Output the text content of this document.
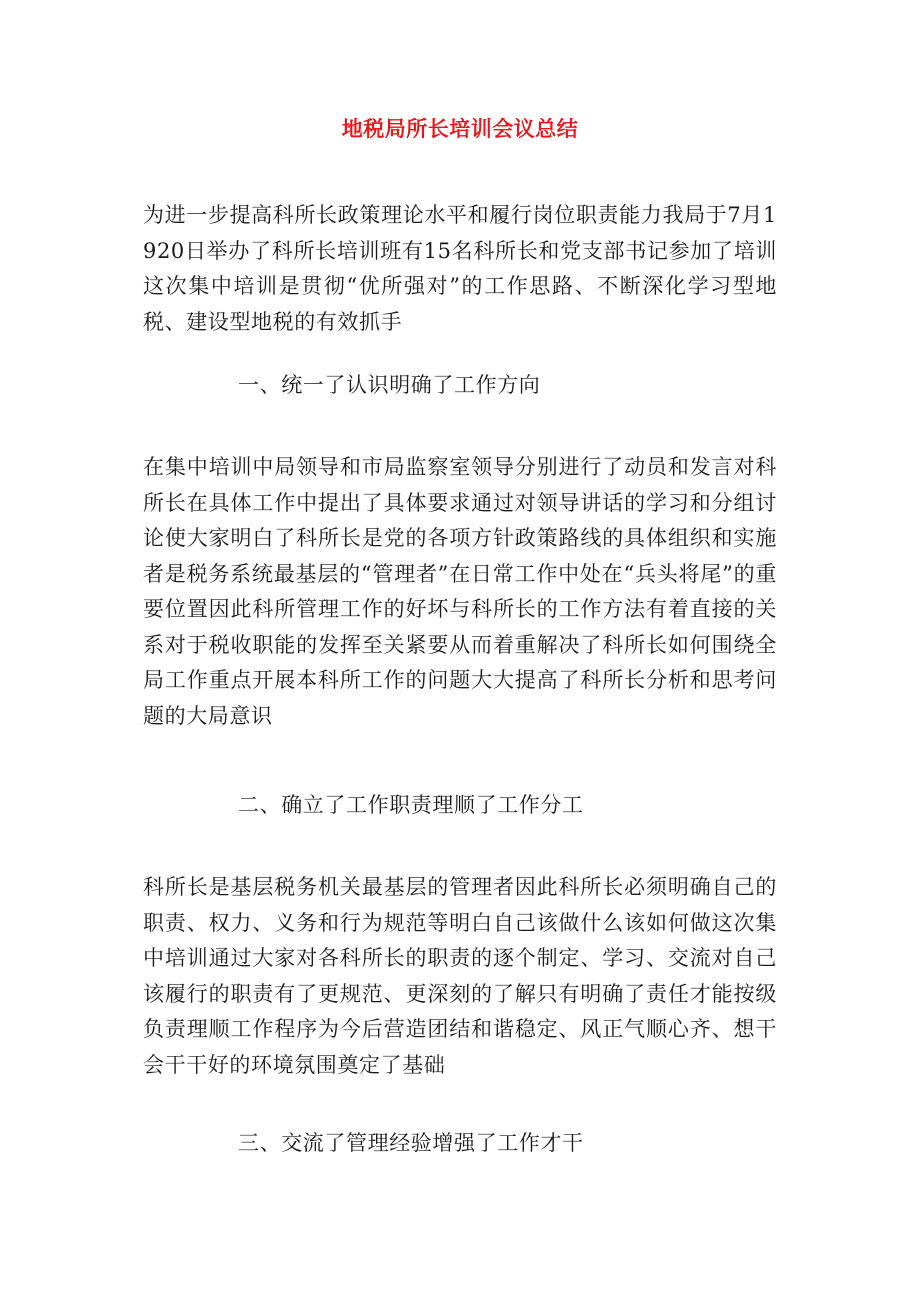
地税局所长培训会议总结
为进一步提高科所长政策理论水平和履行岗位职责能力我局于7月1920日举办了科所长培训班有15名科所长和党支部书记参加了培训这次集中培训是贯彻“优所强对”的工作思路、不断深化学习型地税、建设型地税的有效抓手
一、统一了认识明确了工作方向
在集中培训中局领导和市局监察室领导分别进行了动员和发言对科所长在具体工作中提出了具体要求通过对领导讲话的学习和分组讨论使大家明白了科所长是党的各项方针政策路线的具体组织和实施者是税务系统最基层的“管理者”在日常工作中处在“兵头将尾”的重要位置因此科所管理工作的好坏与科所长的工作方法有着直接的关系对于税收职能的发挥至关紧要从而着重解决了科所长如何围绕全局工作重点开展本科所工作的问题大大提高了科所长分析和思考问题的大局意识
二、确立了工作职责理顺了工作分工
科所长是基层税务机关最基层的管理者因此科所长必须明确自己的职责、权力、义务和行为规范等明白自己该做什么该如何做这次集中培训通过大家对各科所长的职责的逐个制定、学习、交流对自己该履行的职责有了更规范、更深刻的了解只有明确了责任才能按级负责理顺工作程序为今后营造团结和谐稳定、风正气顺心齐、想干会干干好的环境氛围奠定了基础
三、交流了管理经验增强了工作才干
